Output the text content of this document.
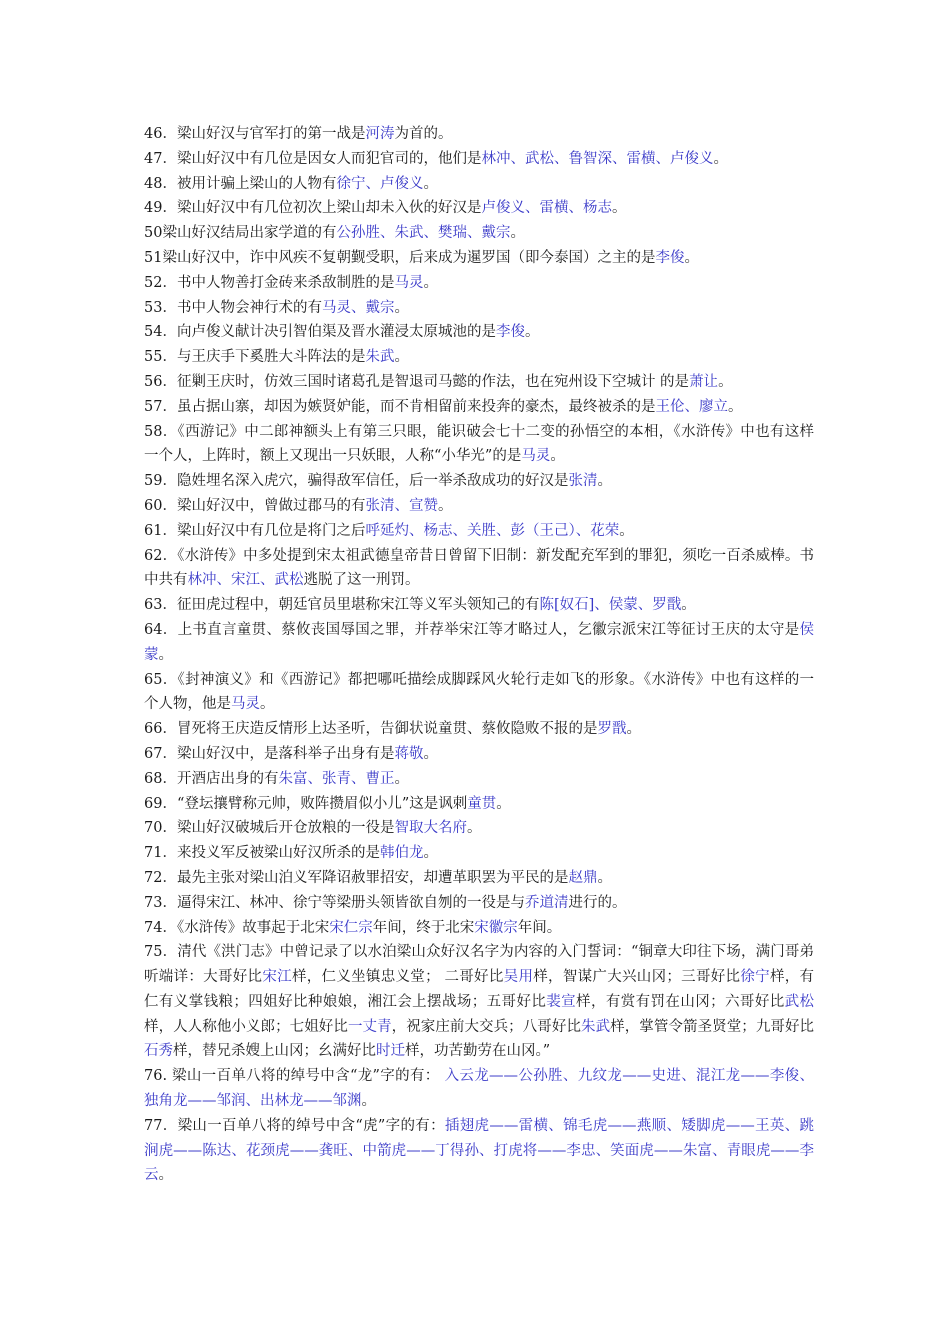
46．梁山好汉与官军打的第一战是河涛为首的。

47．梁山好汉中有几位是因女人而犯官司的，他们是林冲、武松、鲁智深、雷横、卢俊义。

48．被用计骗上梁山的人物有徐宁、卢俊义。

49．梁山好汉中有几位初次上梁山却未入伙的好汉是卢俊义、雷横、杨志。

50梁山好汉结局出家学道的有公孙胜、朱武、樊瑞、戴宗。

51梁山好汉中，诈中风疾不复朝觐受职，后来成为暹罗国（即今泰国）之主的是李俊。

52．书中人物善打金砖来杀敌制胜的是马灵。

53．书中人物会神行术的有马灵、戴宗。

54．向卢俊义献计决引智伯渠及晋水灌浸太原城池的是李俊。

55．与王庆手下奚胜大斗阵法的是朱武。

56．征剿王庆时，仿效三国时诸葛孔是智退司马懿的作法，也在宛州设下空城计 的是萧让。

57．虽占据山寨，却因为嫉贤妒能，而不肯相留前来投奔的豪杰，最终被杀的是王伦、廖立。

58．《西游记》中二郎神额头上有第三只眼，能识破会七十二变的孙悟空的本相，《水浒传》中也有这样一个人，上阵时，额上又现出一只妖眼，人称“小华光”的是马灵。

59．隐姓埋名深入虎穴，骗得敌军信任，后一举杀敌成功的好汉是张清。

60．梁山好汉中，曾做过郡马的有张清、宣赞。

61．梁山好汉中有几位是将门之后呼延灼、杨志、关胜、彭（王己）、花荣。

62．《水浒传》中多处提到宋太祖武德皇帝昔日曾留下旧制：新发配充军到的罪犯，须吃一百杀威棒。书中共有林冲、宋江、武松逃脱了这一刑罚。

63．征田虎过程中，朝廷官员里堪称宋江等义军头领知己的有陈[奴石]、侯蒙、罗戬。

64．上书直言童贯、蔡攸丧国辱国之罪，并荐举宋江等才略过人，乞徽宗派宋江等征讨王庆的太守是侯蒙。

65．《封神演义》和《西游记》都把哪吒描绘成脚踩风火轮行走如飞的形象。《水浒传》中也有这样的一个人物，他是马灵。

66．冒死将王庆造反情形上达圣听，告御状说童贯、蔡攸隐败不报的是罗戬。

67．梁山好汉中，是落科举子出身有是蒋敬。

68．开酒店出身的有朱富、张青、曹正。

69．“登坛攘臂称元帅，败阵攒眉似小儿”这是讽刺童贯。

70．梁山好汉破城后开仓放粮的一役是智取大名府。

71．来投义军反被梁山好汉所杀的是韩伯龙。

72．最先主张对梁山泊义军降诏赦罪招安，却遭革职罢为平民的是赵鼎。

73．逼得宋江、林冲、徐宁等梁册头领皆欲自刎的一役是与乔道清进行的。

74．《水浒传》故事起于北宋宋仁宗年间，终于北宋宋徽宗年间。

75．清代《洪门志》中曾记录了以水泊梁山众好汉名字为内容的入门誓词：“铜章大印往下场，满门哥弟听端详：大哥好比宋江样，仁义坐镇忠义堂； 二哥好比吴用样，智谋广大兴山冈；三哥好比徐宁样，有仁有义掌钱粮；四姐好比种娘娘，湘江会上摆战场；五哥好比裴宣样，有赏有罚在山冈；六哥好比武松样，人人称他小义郎；七姐好比一丈青，祝家庄前大交兵；八哥好比朱武样，掌管令箭圣贤堂；九哥好比石秀样，替兄杀嫂上山冈；幺满好比时迁样，功苦勤劳在山冈。”

76. 梁山一百单八将的绰号中含“龙”字的有： 入云龙——公孙胜、九纹龙——史进、混江龙——李俊、独角龙——邹润、出林龙——邹渊。

77．梁山一百单八将的绰号中含“虎”字的有：插翅虎——雷横、锦毛虎——燕顺、矮脚虎——王英、跳涧虎——陈达、花颈虎——龚旺、中箭虎——丁得孙、打虎将——李忠、笑面虎——朱富、青眼虎——李云。
